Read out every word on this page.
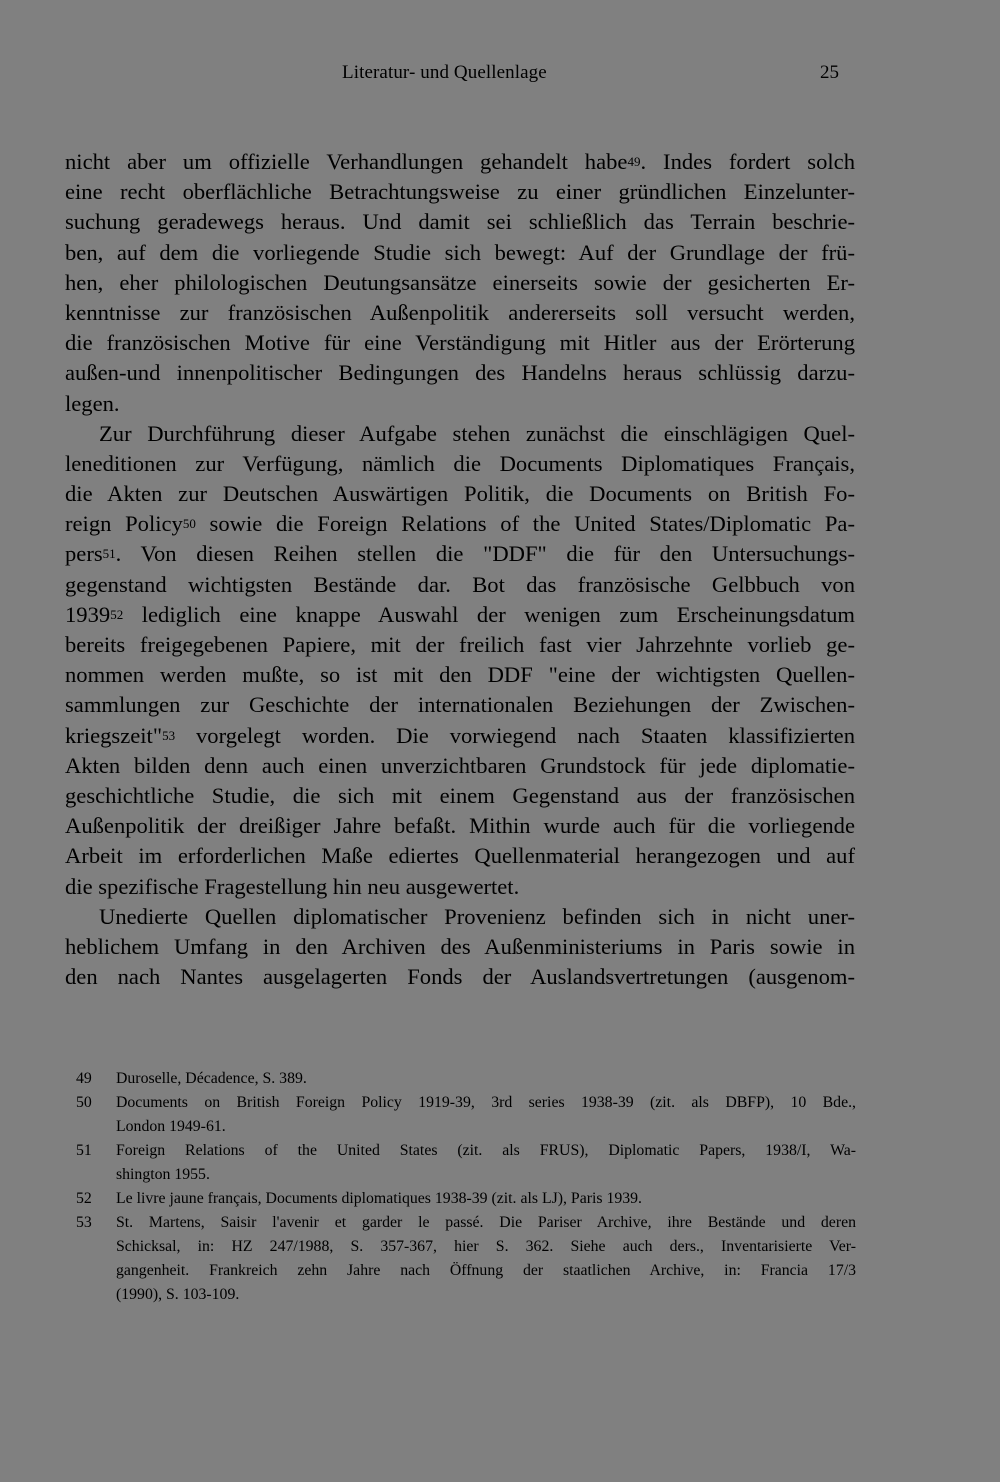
Literatur- und Quellenlage	25
nicht aber um offizielle Verhandlungen gehandelt habe$^{49}$. Indes fordert solch
eine recht oberflächliche Betrachtungsweise zu einer gründlichen Einzelunter-
suchung geradewegs heraus. Und damit sei schließlich das Terrain beschrie-
ben, auf dem die vorliegende Studie sich bewegt: Auf der Grundlage der frü-
hen, eher philologischen Deutungsansätze einerseits sowie der gesicherten Er-
kenntnisse zur französischen Außenpolitik andererseits soll versucht werden,
die französischen Motive für eine Verständigung mit Hitler aus der Erörterung
außen-und innenpolitischer Bedingungen des Handelns heraus schlüssig darzu-
legen.
Zur Durchführung dieser Aufgabe stehen zunächst die einschlägigen Quel-
leneditionen zur Verfügung, nämlich die Documents Diplomatiques Français,
die Akten zur Deutschen Auswärtigen Politik, die Documents on British Fo-
reign Policy$^{50}$ sowie die Foreign Relations of the United States/Diplomatic Pa-
pers$^{51}$. Von diesen Reihen stellen die "DDF" die für den Untersuchungs-
gegenstand wichtigsten Bestände dar. Bot das französische Gelbbuch von
1939$^{52}$ lediglich eine knappe Auswahl der wenigen zum Erscheinungsdatum
bereits freigegebenen Papiere, mit der freilich fast vier Jahrzehnte vorlieb ge-
nommen werden mußte, so ist mit den DDF "eine der wichtigsten Quellen-
sammlungen zur Geschichte der internationalen Beziehungen der Zwischen-
kriegszeit"$^{53}$ vorgelegt worden. Die vorwiegend nach Staaten klassifizierten
Akten bilden denn auch einen unverzichtbaren Grundstock für jede diplomatie-
geschichtliche Studie, die sich mit einem Gegenstand aus der französischen
Außenpolitik der dreißiger Jahre befaßt. Mithin wurde auch für die vorliegende
Arbeit im erforderlichen Maße ediertes Quellenmaterial herangezogen und auf
die spezifische Fragestellung hin neu ausgewertet.
Unedierte Quellen diplomatischer Provenienz befinden sich in nicht uner-
heblichem Umfang in den Archiven des Außenministeriums in Paris sowie in
den nach Nantes ausgelagerten Fonds der Auslandsvertretungen (ausgenom-
49	Duroselle, Décadence, S. 389.
50	Documents on British Foreign Policy 1919-39, 3rd series 1938-39 (zit. als DBFP), 10 Bde.,
London 1949-61.
51	Foreign Relations of the United States (zit. als FRUS), Diplomatic Papers, 1938/I, Wa-
shington 1955.
52	Le livre jaune français, Documents diplomatiques 1938-39 (zit. als LJ), Paris 1939.
53	St. Martens, Saisir l'avenir et garder le passé. Die Pariser Archive, ihre Bestände und deren
Schicksal, in: HZ 247/1988, S. 357-367, hier S. 362. Siehe auch ders., Inventarisierte Ver-
gangenheit. Frankreich zehn Jahre nach Öffnung der staatlichen Archive, in: Francia 17/3
(1990), S. 103-109.
